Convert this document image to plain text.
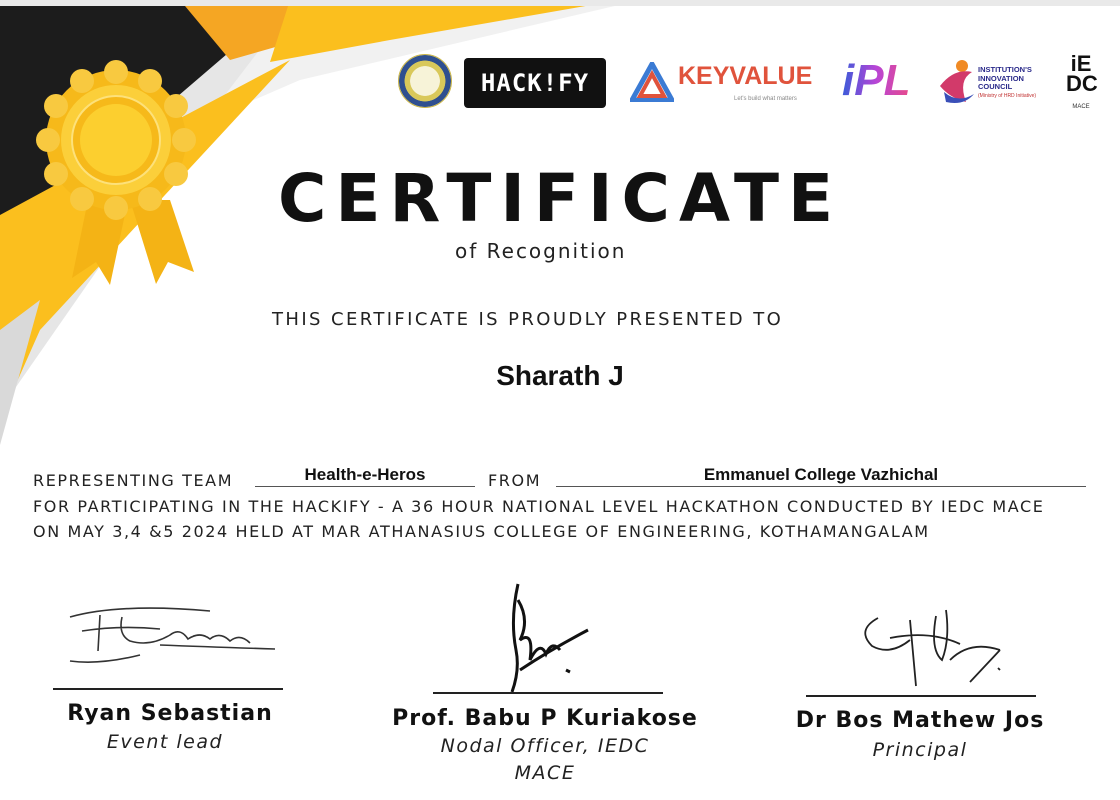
HACK!FY	KEYVALUE
Let's build what matters iPL	INSTITUTION'S
INNOVATION
COUNCIL
(Ministry of HRD Initiative)
iE
DC
MACE
CERTIFICATE
of Recognition
THIS CERTIFICATE IS PROUDLY PRESENTED TO
Sharath J
REPRESENTING TEAM	Health-e-Heros	FROM	Emmanuel College Vazhichal
FOR PARTICIPATING IN THE HACKIFY - A 36 HOUR NATIONAL LEVEL HACKATHON CONDUCTED BY IEDC MACE
ON MAY 3,4 &5 2024 HELD AT MAR ATHANASIUS COLLEGE OF ENGINEERING, KOTHAMANGALAM
Ryan Sebastian
Event lead
Prof. Babu P Kuriakose
Nodal Officer, IEDC MACE
Dr Bos Mathew Jos
Principal
